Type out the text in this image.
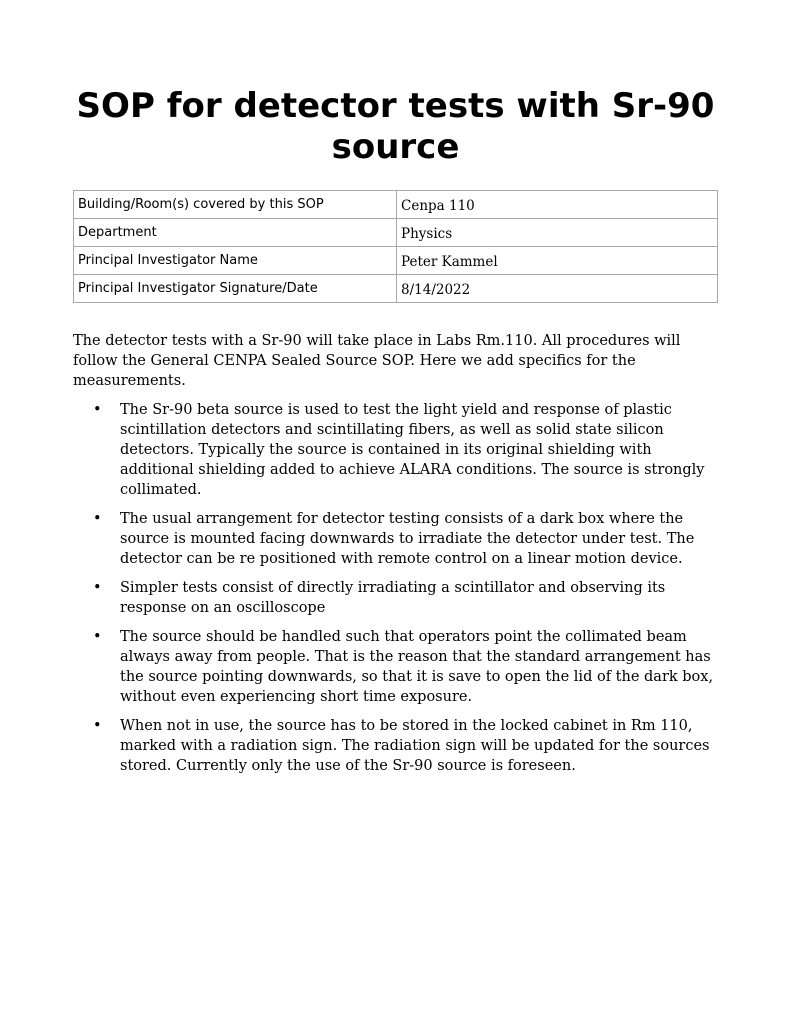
SOP for detector tests with Sr-90 source
Building/Room(s) covered by this SOP	Cenpa 110
Department	Physics
Principal Investigator Name	Peter Kammel
Principal Investigator Signature/Date	8/14/2022

The detector tests with a Sr-90 will take place in Labs Rm.110. All procedures will follow the General CENPA Sealed Source SOP. Here we add specifics for the measurements.

• The Sr-90 beta source is used to test the light yield and response of plastic scintillation detectors and scintillating fibers, as well as solid state silicon detectors. Typically the source is contained in its original shielding with additional shielding added to achieve ALARA conditions. The source is strongly collimated.
• The usual arrangement for detector testing consists of a dark box where the source is mounted facing downwards to irradiate the detector under test. The detector can be re positioned with remote control on a linear motion device.
• Simpler tests consist of directly irradiating a scintillator and observing its response on an oscilloscope
• The source should be handled such that operators point the collimated beam always away from people. That is the reason that the standard arrangement has the source pointing downwards, so that it is save to open the lid of the dark box, without even experiencing short time exposure.
• When not in use, the source has to be stored in the locked cabinet in Rm 110, marked with a radiation sign. The radiation sign will be updated for the sources stored. Currently only the use of the Sr-90 source is foreseen.
